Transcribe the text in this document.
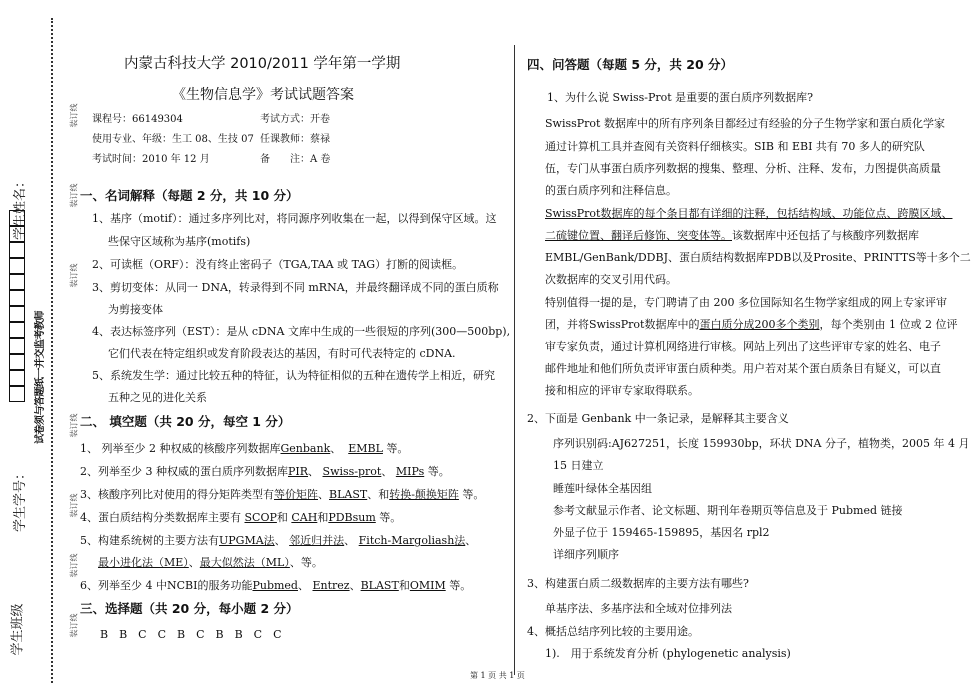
学生班级
学生学号：
学生姓名：
试卷须与答题纸一并交监考教师
装订线
装订线
装订线
装订线
装订线
装订线
装订线
内蒙古科技大学 2010/2011 学年第一学期
《生物信息学》考试试题答案
课程号：66149304	考试方式：开卷
使用专业、年级：生工 08、生技 07 任课教师：蔡禄
考试时间：2010 年 12 月	备　　注：A 卷
一、名词解释（每题 2 分，共 10 分）
1、基序（motif）：通过多序列比对，将同源序列收集在一起，以得到保守区域。这
些保守区域称为基序(motifs)
2、可读框（ORF）：没有终止密码子（TGA,TAA 或 TAG）打断的阅读框。
3、剪切变体：从同一 DNA，转录得到不同 mRNA，并最终翻译成不同的蛋白质称
为剪接变体
4、表达标签序列（EST）：是从 cDNA 文库中生成的一些很短的序列(300—500bp),
它们代表在特定组织或发育阶段表达的基因，有时可代表特定的 cDNA.
5、系统发生学：通过比较五种的特征，认为特征相似的五种在遗传学上相近，研究
五种之见的进化关系
二、 填空题（共 20 分，每空 1 分）
1、 列举至少 2 种权威的核酸序列数据库Genbank、 EMBL 等。
2、列举至少 3 种权威的蛋白质序列数据库PIR、 Swiss-prot、 MIPs 等。
3、核酸序列比对使用的得分矩阵类型有等价矩阵、BLAST、和转换-颠换矩阵 等。
4、蛋白质结构分类数据库主要有 SCOP和 CAH和PDBsum 等。
5、构建系统树的主要方法有UPGMA法、 邻近归并法、 Fitch-Margoliash法、
最小进化法（ME）、最大似然法（ML）、等。
6、列举至少 4 中NCBI的服务功能Pubmed、 Entrez、BLAST和OMIM 等。
三、选择题（共 20 分，每小题 2 分）
B　B　C　C　B　C　B　B　C　C
四、问答题（每题 5 分，共 20 分）
1、为什么说 Swiss-Prot 是重要的蛋白质序列数据库?
SwissProt 数据库中的所有序列条目都经过有经验的分子生物学家和蛋白质化学家
通过计算机工具并查阅有关资料仔细核实。SIB 和 EBI 共有 70 多人的研究队
伍，专门从事蛋白质序列数据的搜集、整理、分析、注释、发布，力图提供高质量
的蛋白质序列和注释信息。
SwissProt数据库的每个条目都有详细的注释，包括结构域、功能位点、跨膜区域、
二硫键位置、翻译后修饰、突变体等。该数据库中还包括了与核酸序列数据库
EMBL/GenBank/DDBJ、蛋白质结构数据库PDB以及Prosite、PRINTTS等十多个二
次数据库的交叉引用代码。
特别值得一提的是，专门聘请了由 200 多位国际知名生物学家组成的网上专家评审
团，并将SwissProt数据库中的蛋白质分成200多个类别，每个类别由 1 位或 2 位评
审专家负责，通过计算机网络进行审核。网站上列出了这些评审专家的姓名、电子
邮件地址和他们所负责评审蛋白质种类。用户若对某个蛋白质条目有疑义，可以直
接和相应的评审专家取得联系。
2、下面是 Genbank 中一条记录，是解释其主要含义
序列识别码:AJ627251，长度 159930bp，环状 DNA 分子，植物类，2005 年 4 月
15 日建立
睡莲叶绿体全基因组
参考文献显示作者、论文标题、期刊年卷期页等信息及于 Pubmed 链接
外显子位于 159465-159895，基因名 rpl2
详细序列顺序
3、构建蛋白质二级数据库的主要方法有哪些?
单基序法、多基序法和全域对位排列法
4、概括总结序列比较的主要用途。
1).　用于系统发育分析 (phylogenetic analysis)
第 1 页 共 1 页
